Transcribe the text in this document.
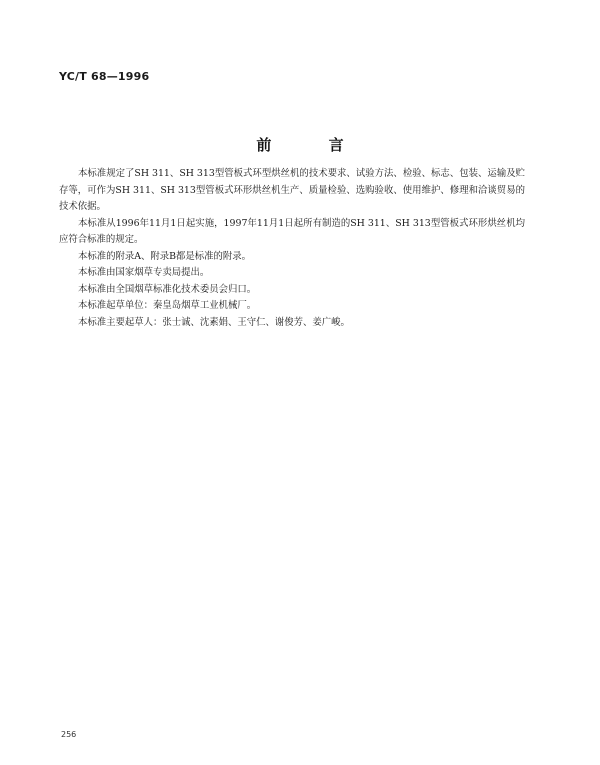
YC/T 68—1996
前 言

本标准规定了SH 311、SH 313型管板式环型烘丝机的技术要求、试验方法、检验、标志、包装、运输及贮存等，可作为SH 311、SH 313型管板式环形烘丝机生产、质量检验、选购验收、使用维护、修理和洽谈贸易的技术依据。

本标准从1996年11月1日起实施，1997年11月1日起所有制造的SH 311、SH 313型管板式环形烘丝机均应符合标准的规定。

本标准的附录A、附录B都是标准的附录。

本标准由国家烟草专卖局提出。

本标准由全国烟草标准化技术委员会归口。

本标准起草单位：秦皇岛烟草工业机械厂。

本标准主要起草人：张士诚、沈素娟、王守仁、谢俊芳、姜广峻。

256
